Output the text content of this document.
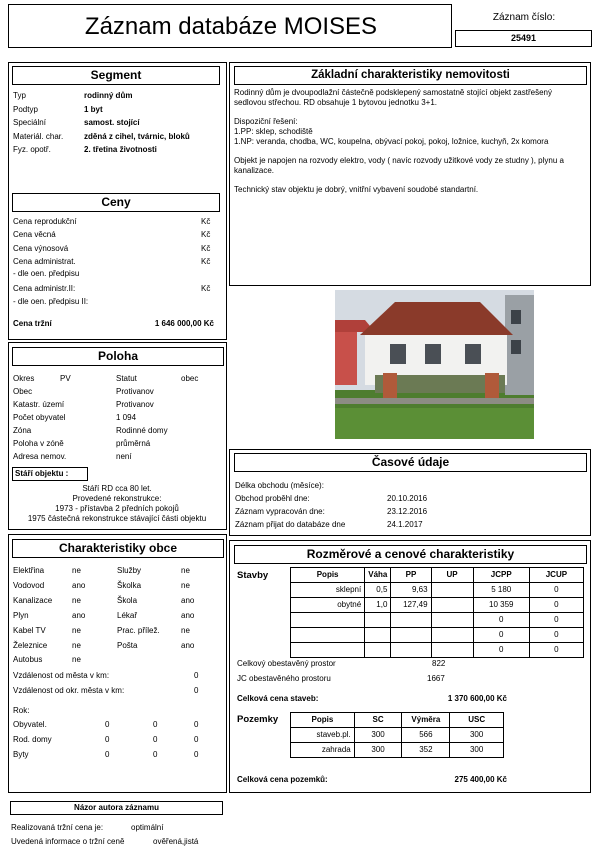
Záznam databáze MOISES	Záznam číslo:
25491
Segment
Typ	rodinný dům
Podtyp	1 byt
Speciální	samost. stojící
Materiál. char.	zděná z cihel, tvárnic, bloků
Fyz. opotř.	2. třetina životnosti
Ceny
Cena reprodukční	Kč
Cena věcná	Kč
Cena výnosová	Kč
Cena administrat.	Kč
- dle oen. předpisu
Cena administr.II:	Kč
- dle oen. předpisu II:
Cena tržní	1 646 000,00 Kč
Základní charakteristiky nemovitosti
Rodinný dům je dvoupodlažní částečně podsklepený samostatně stojící objekt zastřešený sedlovou střechou. RD obsahuje 1 bytovou jednotku 3+1.
Dispoziční řešení:
1.PP: sklep, schodiště
1.NP: veranda, chodba, WC, koupelna, obývací pokoj, pokoj, ložnice, kuchyň, 2x komora
Objekt je napojen na rozvody elektro, vody ( navíc rozvody užitkové vody ze studny ), plynu a kanalizace.
Technický stav objektu je dobrý, vnitřní vybavení soudobé standartní.
Poloha
Okres	PV	Statut	obec
Obec	Protivanov
Katastr. území	Protivanov
Počet obyvatel	1 094
Zóna	Rodinné domy
Poloha v zóně	průměrná
Adresa nemov.	není
Stáří objektu :
Stáří RD cca 80 let.
Provedené rekonstrukce:
1973 - přístavba 2 předních pokojů
1975 částečná rekonstrukce stávající části objektu
Časové údaje
Délka obchodu (měsíce):
Obchod proběhl dne:	20.10.2016
Záznam vypracován dne:	23.12.2016
Záznam přijat do databáze dne	24.1.2017
Charakteristiky obce
Elektřina	ne	Služby	ne
Vodovod	ano	Školka	ne
Kanalizace ne	Škola	ano
Plyn	ano	Lékař	ano
Kabel TV	ne	Prac. přílež.	ne
Železnice	ne	Pošta	ano
Autobus	ne
Vzdálenost od města v km:	0
Vzdálenost od okr. města v km:	0
Rok:
Obyvatel.	0	0	0
Rod. domy	0	0	0
Byty	0	0	0
Rozměrové a cenové charakteristiky
Stavby	Popis	Váha	PP	UP	JCPP	JCUP
sklepní	0,5	9,63		5 180	0
obytné	1,0	127,49		10 359	0
				0	0
				0	0
				0	0
Celkový obestavěný prostor	822
JC obestavěného prostoru	1667
Celková cena staveb:	1 370 600,00 Kč
Pozemky	Popis	SC	Výměra	USC
staveb.pl.	300	566	300
zahrada	300	352	300
Celková cena pozemků:	275 400,00 Kč
Názor autora záznamu
Realizovaná tržní cena je:	optimální
Uvedená informace o tržní ceně	ověřená,jistá
